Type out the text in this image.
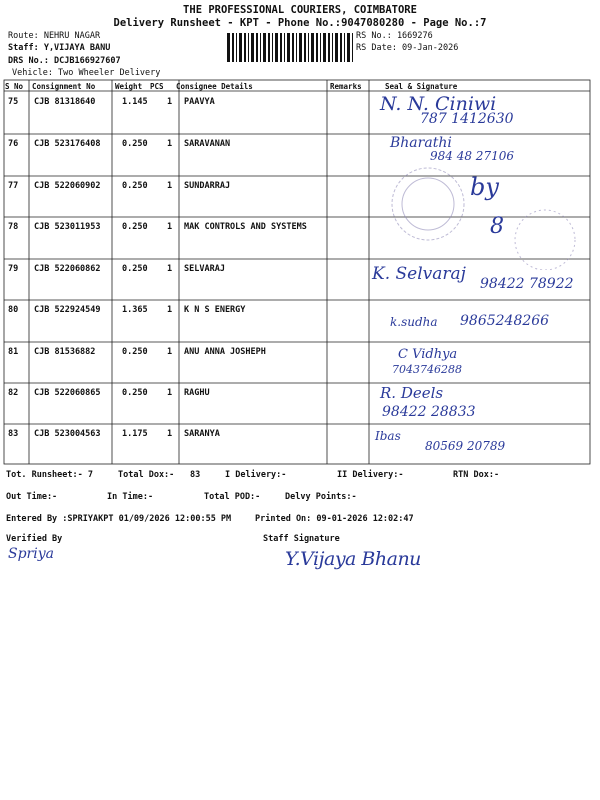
THE PROFESSIONAL COURIERS, COIMBATORE
Delivery Runsheet - KPT - Phone No.:9047080280 - Page No.:7
Route: NEHRU NAGAR
Staff: Y,VIJAYA BANU
DRS No.: DCJB166927607
Vehicle: Two Wheeler Delivery
RS No.: 1669276
RS Date: 09-Jan-2026
S No Consignment No	Weight PCS Consignee Details	Remarks	Seal & Signature
75 CJB 81318640	1.145 1 PAAVYA	N. N. Ciniwi
787 1412630
76 CJB 523176408	0.250 1 SARAVANAN	Bharathi
984 48 27106
77 CJB 522060902	0.250 1 SUNDARRAJ	by
78 CJB 523011953	0.250 1 MAK CONTROLS AND SYSTEMS	8
79 CJB 522060862	0.250 1 SELVARAJ	K. Selvaraj 98422 78922
80 CJB 522924549	1.365 1 K N S ENERGY
k.sudha 9865248266
81 CJB 81536882	0.250 1 ANU ANNA JOSHEPH	C Vidhya
7043746288
82 CJB 522060865	0.250 1 RAGHU	R. Deels
98422 28833
83 CJB 523004563	1.175 1 SARANYA	Ibas
80569 20789
Tot. Runsheet:- 7	Total Dox:- 83	I Delivery:-	II Delivery:-	RTN Dox:-
Out Time:-	In Time:-	Total POD:-	Delvy Points:-
Entered By :SPRIYAKPT 01/09/2026 12:00:55 PM	Printed On: 09-01-2026 12:02:47
Verified By	Staff Signature
Spriya	Y.Vijaya Bhanu
